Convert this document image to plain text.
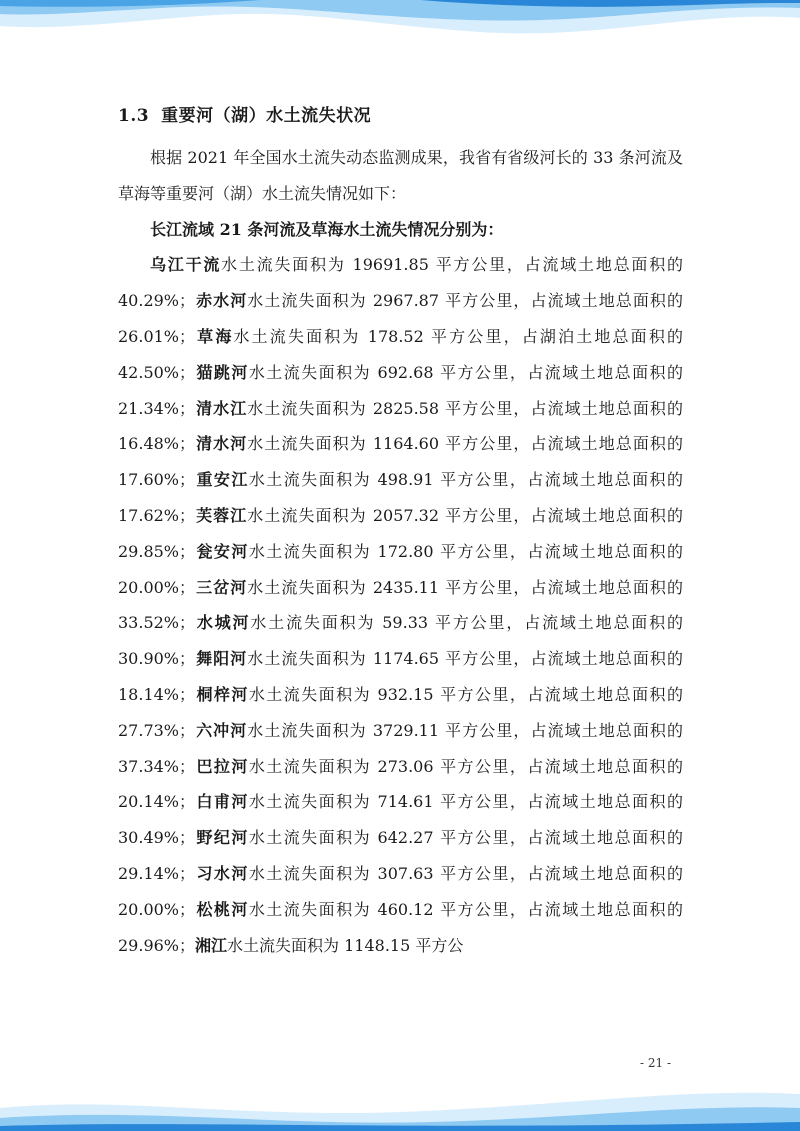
1.3 重要河（湖）水土流失状况

根据 2021 年全国水土流失动态监测成果，我省有省级河长的 33 条河流及草海等重要河（湖）水土流失情况如下：

长江流域 21 条河流及草海水土流失情况分别为：

乌江干流水土流失面积为 19691.85 平方公里，占流域土地总面积的 40.29%；赤水河水土流失面积为 2967.87 平方公里，占流域土地总面积的 26.01%；草海水土流失面积为 178.52 平方公里，占湖泊土地总面积的 42.50%；猫跳河水土流失面积为 692.68 平方公里，占流域土地总面积的 21.34%；清水江水土流失面积为 2825.58 平方公里，占流域土地总面积的 16.48%；清水河水土流失面积为 1164.60 平方公里，占流域土地总面积的 17.60%；重安江水土流失面积为 498.91 平方公里，占流域土地总面积的 17.62%；芙蓉江水土流失面积为 2057.32 平方公里，占流域土地总面积的 29.85%；瓮安河水土流失面积为 172.80 平方公里，占流域土地总面积的 20.00%；三岔河水土流失面积为 2435.11 平方公里，占流域土地总面积的 33.52%；水城河水土流失面积为 59.33 平方公里，占流域土地总面积的 30.90%；舞阳河水土流失面积为 1174.65 平方公里，占流域土地总面积的 18.14%；桐梓河水土流失面积为 932.15 平方公里，占流域土地总面积的 27.73%；六冲河水土流失面积为 3729.11 平方公里，占流域土地总面积的 37.34%；巴拉河水土流失面积为 273.06 平方公里，占流域土地总面积的 20.14%；白甫河水土流失面积为 714.61 平方公里，占流域土地总面积的 30.49%；野纪河水土流失面积为 642.27 平方公里，占流域土地总面积的 29.14%；习水河水土流失面积为 307.63 平方公里，占流域土地总面积的 20.00%；松桃河水土流失面积为 460.12 平方公里，占流域土地总面积的 29.96%；湘江水土流失面积为 1148.15 平方公

- 21 -
